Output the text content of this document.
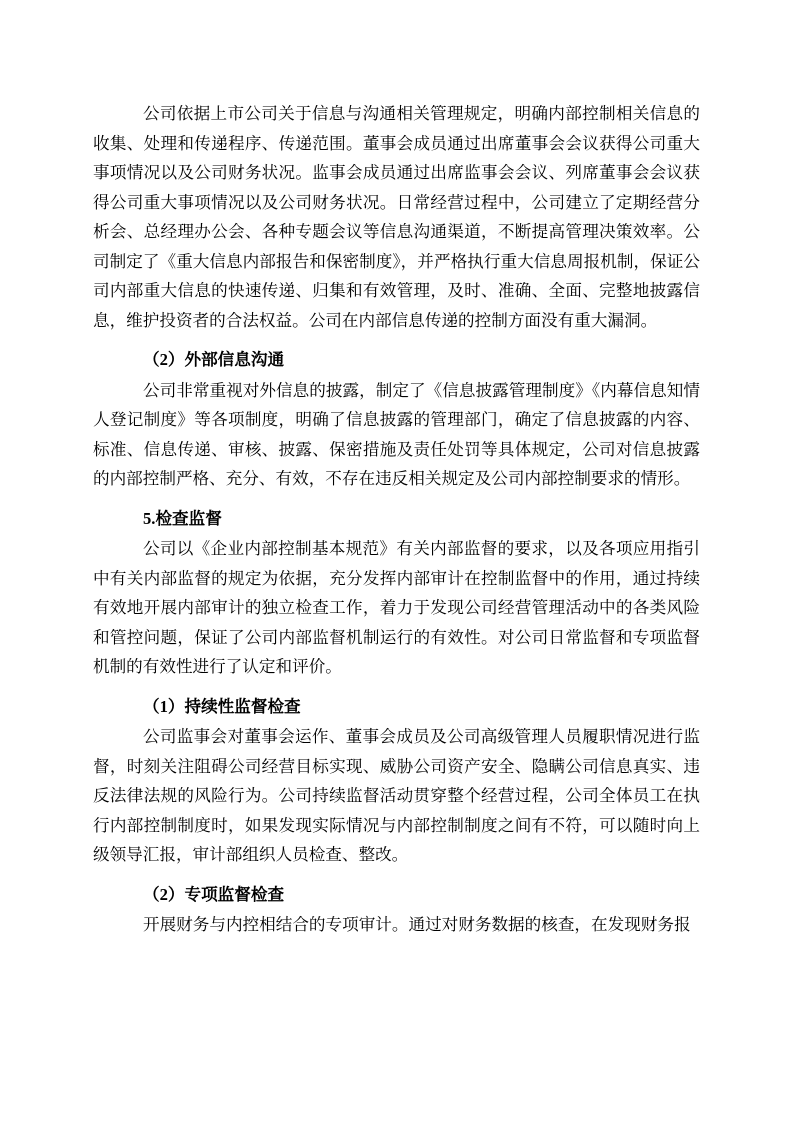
公司依据上市公司关于信息与沟通相关管理规定，明确内部控制相关信息的收集、处理和传递程序、传递范围。董事会成员通过出席董事会会议获得公司重大事项情况以及公司财务状况。监事会成员通过出席监事会会议、列席董事会会议获得公司重大事项情况以及公司财务状况。日常经营过程中，公司建立了定期经营分析会、总经理办公会、各种专题会议等信息沟通渠道，不断提高管理决策效率。公司制定了《重大信息内部报告和保密制度》，并严格执行重大信息周报机制，保证公司内部重大信息的快速传递、归集和有效管理，及时、准确、全面、完整地披露信息，维护投资者的合法权益。公司在内部信息传递的控制方面没有重大漏洞。

（2）外部信息沟通

公司非常重视对外信息的披露，制定了《信息披露管理制度》《内幕信息知情人登记制度》等各项制度，明确了信息披露的管理部门，确定了信息披露的内容、标准、信息传递、审核、披露、保密措施及责任处罚等具体规定，公司对信息披露的内部控制严格、充分、有效，不存在违反相关规定及公司内部控制要求的情形。

5.检查监督

公司以《企业内部控制基本规范》有关内部监督的要求，以及各项应用指引中有关内部监督的规定为依据，充分发挥内部审计在控制监督中的作用，通过持续有效地开展内部审计的独立检查工作，着力于发现公司经营管理活动中的各类风险和管控问题，保证了公司内部监督机制运行的有效性。对公司日常监督和专项监督机制的有效性进行了认定和评价。

（1）持续性监督检查

公司监事会对董事会运作、董事会成员及公司高级管理人员履职情况进行监督，时刻关注阻碍公司经营目标实现、威胁公司资产安全、隐瞒公司信息真实、违反法律法规的风险行为。公司持续监督活动贯穿整个经营过程，公司全体员工在执行内部控制制度时，如果发现实际情况与内部控制制度之间有不符，可以随时向上级领导汇报，审计部组织人员检查、整改。

（2）专项监督检查

开展财务与内控相结合的专项审计。通过对财务数据的核查，在发现财务报
